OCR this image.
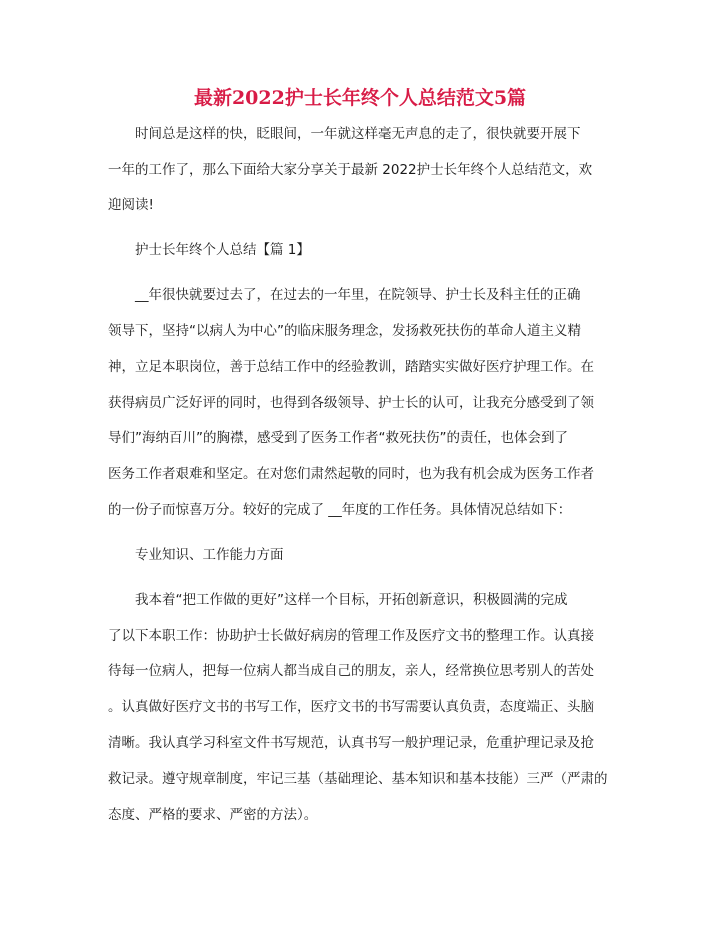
最新2022护士长年终个人总结范文5篇
时间总是这样的快，眨眼间，一年就这样毫无声息的走了，很快就要开展下
一年的工作了，那么下面给大家分享关于最新 2022护士长年终个人总结范文，欢
迎阅读!
护士长年终个人总结【篇 1】
__年很快就要过去了，在过去的一年里，在院领导、护士长及科主任的正确
领导下，坚持“以病人为中心”的临床服务理念，发扬救死扶伤的革命人道主义精
神，立足本职岗位，善于总结工作中的经验教训，踏踏实实做好医疗护理工作。在
获得病员广泛好评的同时，也得到各级领导、护士长的认可，让我充分感受到了领
导们”海纳百川”的胸襟，感受到了医务工作者“救死扶伤”的责任，也体会到了
医务工作者艰难和坚定。在对您们肃然起敬的同时，也为我有机会成为医务工作者
的一份子而惊喜万分。较好的完成了 __年度的工作任务。具体情况总结如下：
专业知识、工作能力方面
我本着“把工作做的更好”这样一个目标，开拓创新意识，积极圆满的完成
了以下本职工作：协助护士长做好病房的管理工作及医疗文书的整理工作。认真接
待每一位病人，把每一位病人都当成自己的朋友，亲人，经常换位思考别人的苦处
。认真做好医疗文书的书写工作，医疗文书的书写需要认真负责，态度端正、头脑
清晰。我认真学习科室文件书写规范，认真书写一般护理记录，危重护理记录及抢
救记录。遵守规章制度，牢记三基（基础理论、基本知识和基本技能）三严（严肃的
态度、严格的要求、严密的方法）。
